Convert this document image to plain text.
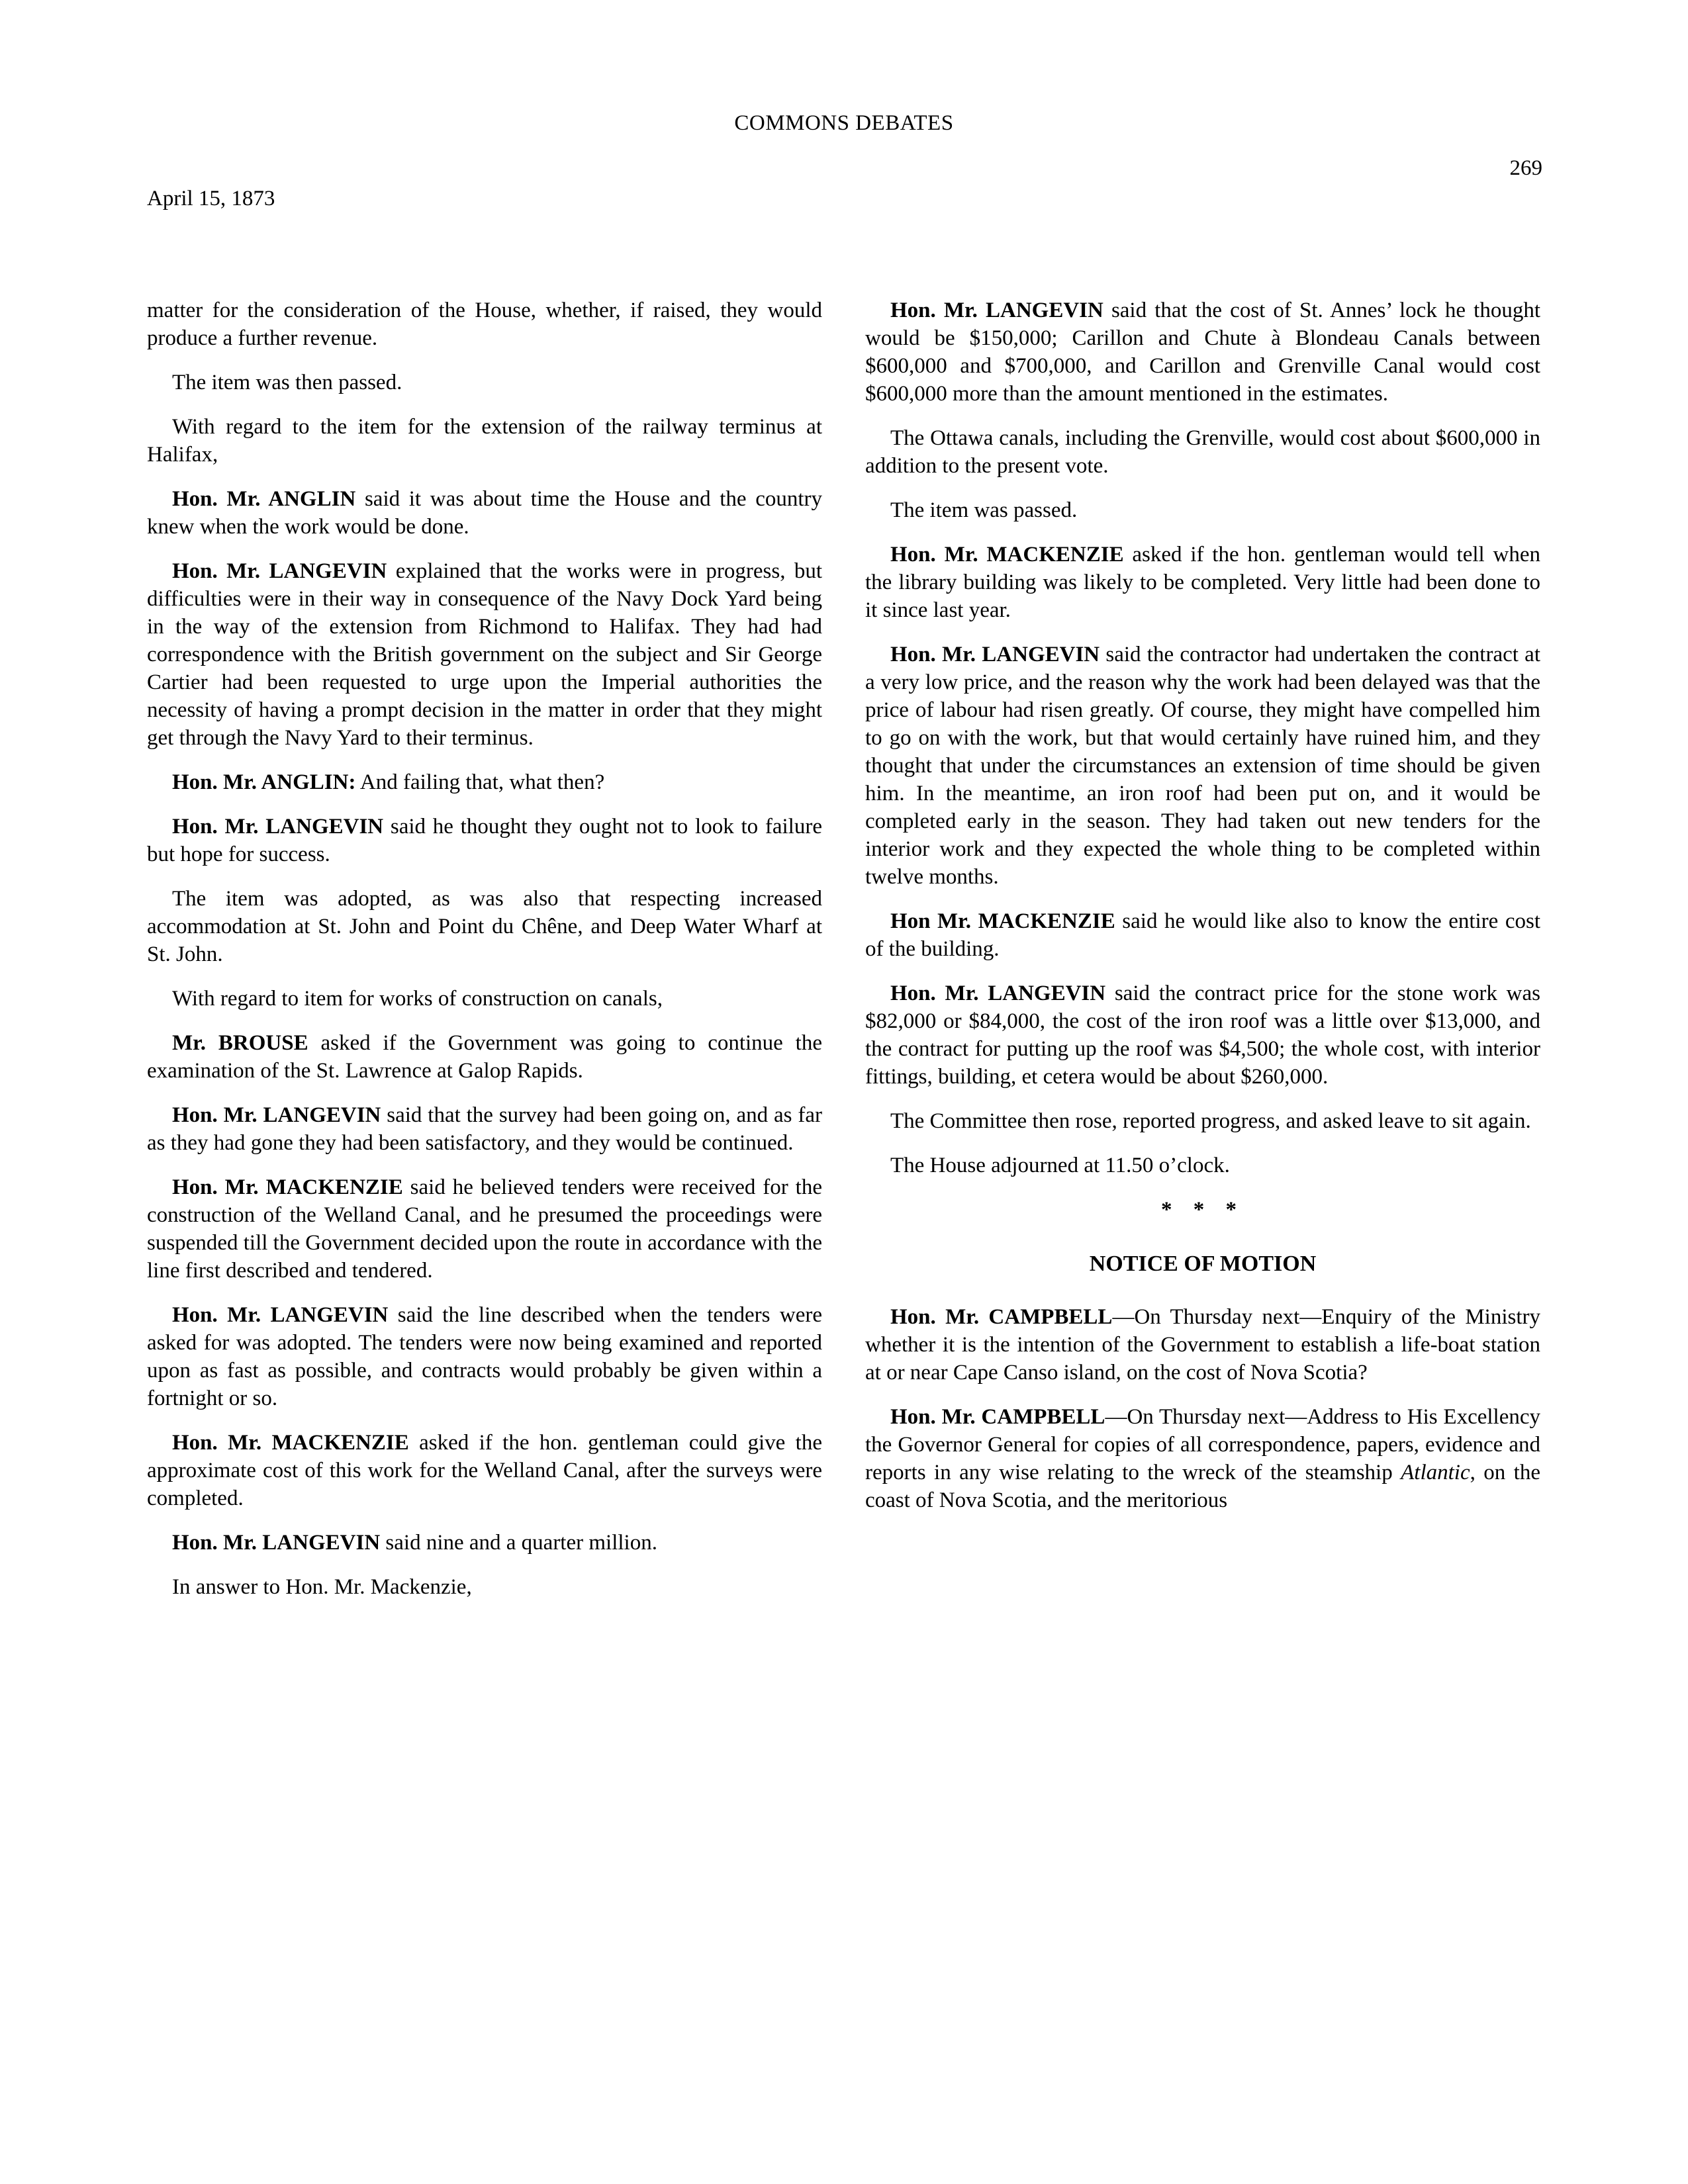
COMMONS DEBATES
269
April 15, 1873

matter for the consideration of the House, whether, if raised, they would produce a further revenue.

The item was then passed.

With regard to the item for the extension of the railway terminus at Halifax,

Hon. Mr. ANGLIN said it was about time the House and the country knew when the work would be done.

Hon. Mr. LANGEVIN explained that the works were in progress, but difficulties were in their way in consequence of the Navy Dock Yard being in the way of the extension from Richmond to Halifax. They had had correspondence with the British government on the subject and Sir George Cartier had been requested to urge upon the Imperial authorities the necessity of having a prompt decision in the matter in order that they might get through the Navy Yard to their terminus.

Hon. Mr. ANGLIN: And failing that, what then?

Hon. Mr. LANGEVIN said he thought they ought not to look to failure but hope for success.

The item was adopted, as was also that respecting increased accommodation at St. John and Point du Chêne, and Deep Water Wharf at St. John.

With regard to item for works of construction on canals,

Mr. BROUSE asked if the Government was going to continue the examination of the St. Lawrence at Galop Rapids.

Hon. Mr. LANGEVIN said that the survey had been going on, and as far as they had gone they had been satisfactory, and they would be continued.

Hon. Mr. MACKENZIE said he believed tenders were received for the construction of the Welland Canal, and he presumed the proceedings were suspended till the Government decided upon the route in accordance with the line first described and tendered.

Hon. Mr. LANGEVIN said the line described when the tenders were asked for was adopted. The tenders were now being examined and reported upon as fast as possible, and contracts would probably be given within a fortnight or so.

Hon. Mr. MACKENZIE asked if the hon. gentleman could give the approximate cost of this work for the Welland Canal, after the surveys were completed.

Hon. Mr. LANGEVIN said nine and a quarter million.

In answer to Hon. Mr. Mackenzie,

Hon. Mr. LANGEVIN said that the cost of St. Annes’ lock he thought would be $150,000; Carillon and Chute à Blondeau Canals between $600,000 and $700,000, and Carillon and Grenville Canal would cost $600,000 more than the amount mentioned in the estimates.

The Ottawa canals, including the Grenville, would cost about $600,000 in addition to the present vote.

The item was passed.

Hon. Mr. MACKENZIE asked if the hon. gentleman would tell when the library building was likely to be completed. Very little had been done to it since last year.

Hon. Mr. LANGEVIN said the contractor had undertaken the contract at a very low price, and the reason why the work had been delayed was that the price of labour had risen greatly. Of course, they might have compelled him to go on with the work, but that would certainly have ruined him, and they thought that under the circumstances an extension of time should be given him. In the meantime, an iron roof had been put on, and it would be completed early in the season. They had taken out new tenders for the interior work and they expected the whole thing to be completed within twelve months.

Hon Mr. MACKENZIE said he would like also to know the entire cost of the building.

Hon. Mr. LANGEVIN said the contract price for the stone work was $82,000 or $84,000, the cost of the iron roof was a little over $13,000, and the contract for putting up the roof was $4,500; the whole cost, with interior fittings, building, et cetera would be about $260,000.

The Committee then rose, reported progress, and asked leave to sit again.

The House adjourned at 11.50 o’clock.

* * *
NOTICE OF MOTION

Hon. Mr. CAMPBELL—On Thursday next—Enquiry of the Ministry whether it is the intention of the Government to establish a life-boat station at or near Cape Canso island, on the cost of Nova Scotia?

Hon. Mr. CAMPBELL—On Thursday next—Address to His Excellency the Governor General for copies of all correspondence, papers, evidence and reports in any wise relating to the wreck of the steamship Atlantic, on the coast of Nova Scotia, and the meritorious
